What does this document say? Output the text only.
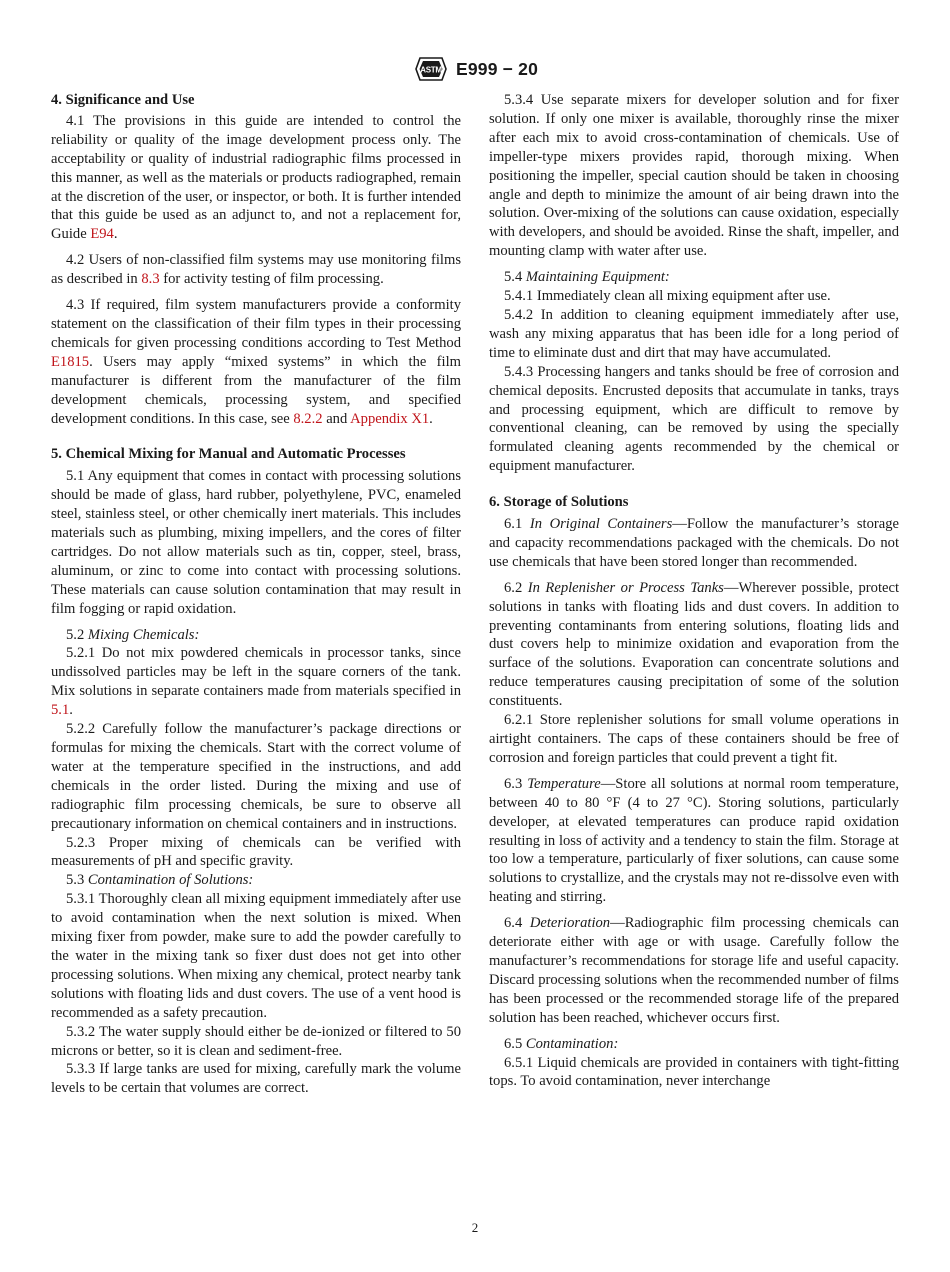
ASTM E999 − 20
4. Significance and Use

4.1 The provisions in this guide are intended to control the reliability or quality of the image development process only. The acceptability or quality of industrial radiographic films processed in this manner, as well as the materials or products radiographed, remain at the discretion of the user, or inspector, or both. It is further intended that this guide be used as an adjunct to, and not a replacement for, Guide E94.

4.2 Users of non-classified film systems may use monitoring films as described in 8.3 for activity testing of film processing.

4.3 If required, film system manufacturers provide a conformity statement on the classification of their film types in their processing chemicals for given processing conditions according to Test Method E1815. Users may apply “mixed systems” in which the film manufacturer is different from the manufacturer of the film development chemicals, processing system, and specified development conditions. In this case, see 8.2.2 and Appendix X1.

5. Chemical Mixing for Manual and Automatic Processes

5.1 Any equipment that comes in contact with processing solutions should be made of glass, hard rubber, polyethylene, PVC, enameled steel, stainless steel, or other chemically inert materials. This includes materials such as plumbing, mixing impellers, and the cores of filter cartridges. Do not allow materials such as tin, copper, steel, brass, aluminum, or zinc to come into contact with processing solutions. These materials can cause solution contamination that may result in film fogging or rapid oxidation.

5.2 Mixing Chemicals:

5.2.1 Do not mix powdered chemicals in processor tanks, since undissolved particles may be left in the square corners of the tank. Mix solutions in separate containers made from materials specified in 5.1.

5.2.2 Carefully follow the manufacturer’s package directions or formulas for mixing the chemicals. Start with the correct volume of water at the temperature specified in the instructions, and add chemicals in the order listed. During the mixing and use of radiographic film processing chemicals, be sure to observe all precautionary information on chemical containers and in instructions.

5.2.3 Proper mixing of chemicals can be verified with measurements of pH and specific gravity.

5.3 Contamination of Solutions:

5.3.1 Thoroughly clean all mixing equipment immediately after use to avoid contamination when the next solution is mixed. When mixing fixer from powder, make sure to add the powder carefully to the water in the mixing tank so fixer dust does not get into other processing solutions. When mixing any chemical, protect nearby tank solutions with floating lids and dust covers. The use of a vent hood is recommended as a safety precaution.

5.3.2 The water supply should either be de-ionized or filtered to 50 microns or better, so it is clean and sediment-free.

5.3.3 If large tanks are used for mixing, carefully mark the volume levels to be certain that volumes are correct.

5.3.4 Use separate mixers for developer solution and for fixer solution. If only one mixer is available, thoroughly rinse the mixer after each mix to avoid cross-contamination of chemicals. Use of impeller-type mixers provides rapid, thorough mixing. When positioning the impeller, special caution should be taken in choosing angle and depth to minimize the amount of air being drawn into the solution. Over-mixing of the solutions can cause oxidation, especially with developers, and should be avoided. Rinse the shaft, impeller, and mounting clamp with water after use.

5.4 Maintaining Equipment:

5.4.1 Immediately clean all mixing equipment after use.

5.4.2 In addition to cleaning equipment immediately after use, wash any mixing apparatus that has been idle for a long period of time to eliminate dust and dirt that may have accumulated.

5.4.3 Processing hangers and tanks should be free of corrosion and chemical deposits. Encrusted deposits that accumulate in tanks, trays and processing equipment, which are difficult to remove by conventional cleaning, can be removed by using the specially formulated cleaning agents recommended by the chemical or equipment manufacturer.

6. Storage of Solutions

6.1 In Original Containers—Follow the manufacturer’s storage and capacity recommendations packaged with the chemicals. Do not use chemicals that have been stored longer than recommended.

6.2 In Replenisher or Process Tanks—Wherever possible, protect solutions in tanks with floating lids and dust covers. In addition to preventing contaminants from entering solutions, floating lids and dust covers help to minimize oxidation and evaporation from the surface of the solutions. Evaporation can concentrate solutions and reduce temperatures causing precipitation of some of the solution constituents.

6.2.1 Store replenisher solutions for small volume operations in airtight containers. The caps of these containers should be free of corrosion and foreign particles that could prevent a tight fit.

6.3 Temperature—Store all solutions at normal room temperature, between 40 to 80 °F (4 to 27 °C). Storing solutions, particularly developer, at elevated temperatures can produce rapid oxidation resulting in loss of activity and a tendency to stain the film. Storage at too low a temperature, particularly of fixer solutions, can cause some solutions to crystallize, and the crystals may not re-dissolve even with heating and stirring.

6.4 Deterioration—Radiographic film processing chemicals can deteriorate either with age or with usage. Carefully follow the manufacturer’s recommendations for storage life and useful capacity. Discard processing solutions when the recommended number of films has been processed or the recommended storage life of the prepared solution has been reached, whichever occurs first.

6.5 Contamination:

6.5.1 Liquid chemicals are provided in containers with tight-fitting tops. To avoid contamination, never interchange

2
